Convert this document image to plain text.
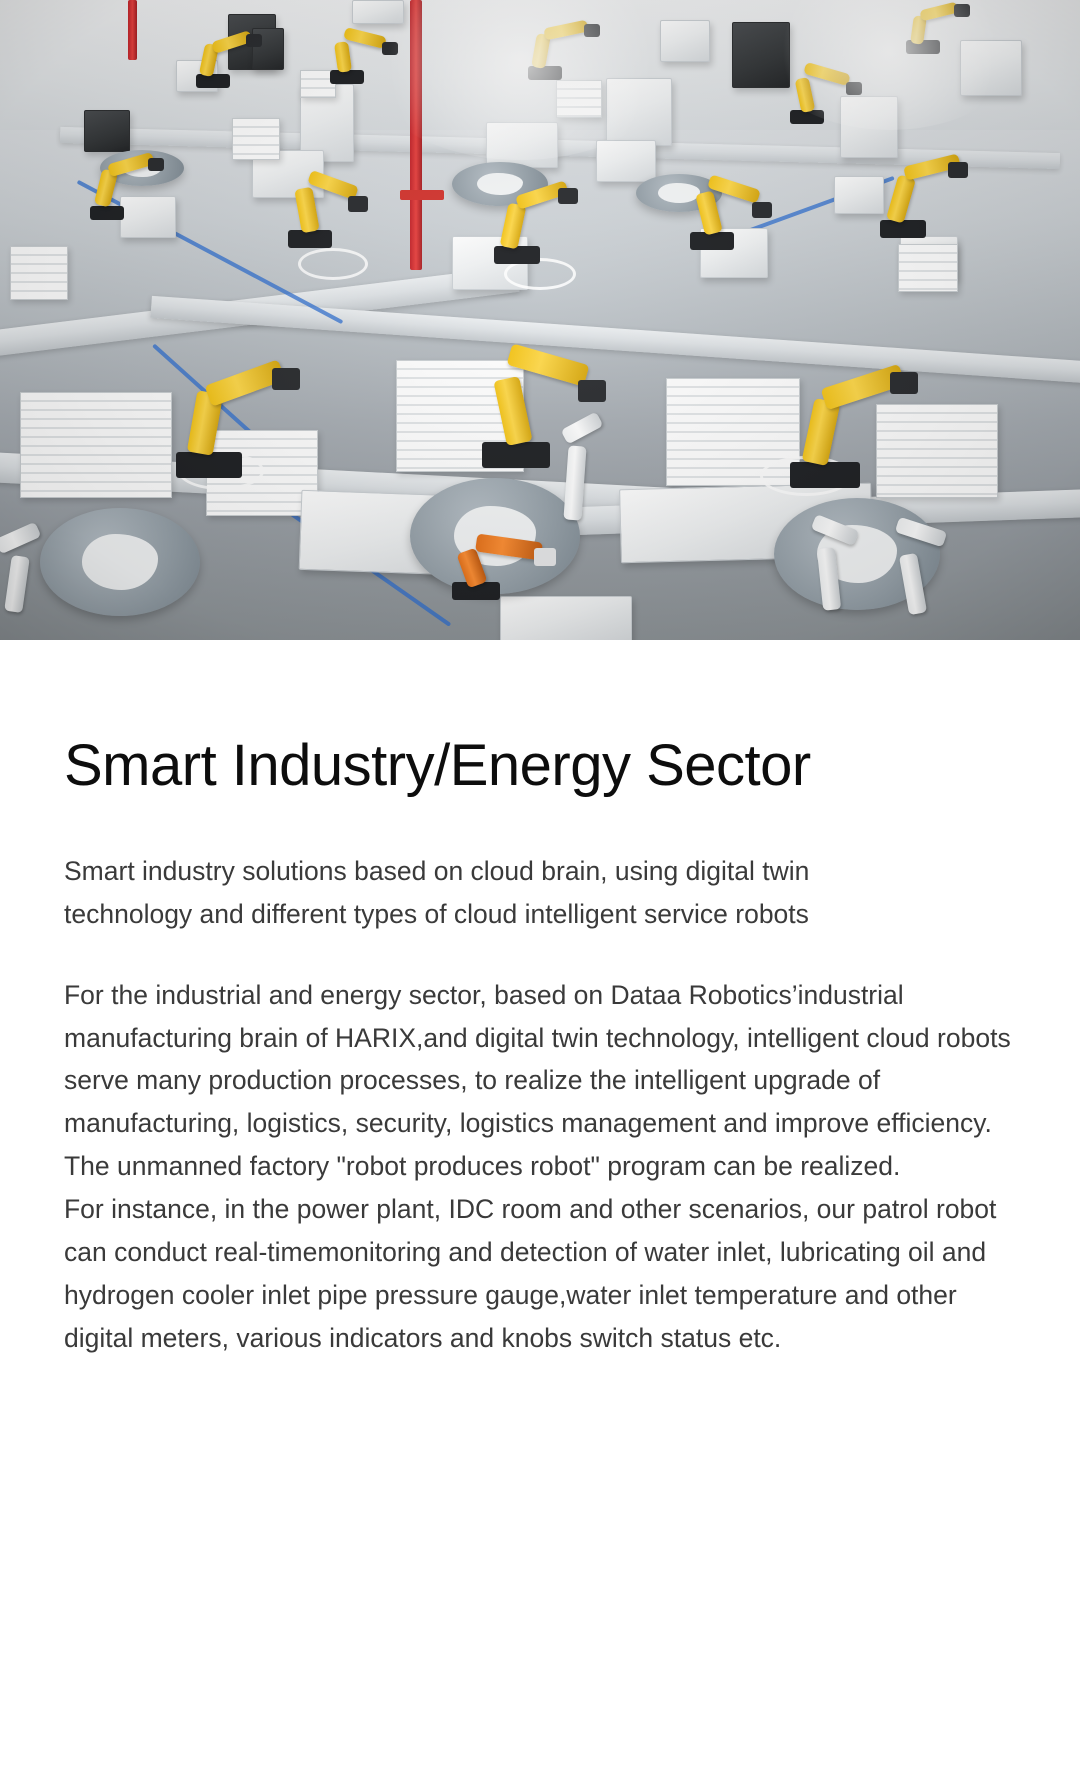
Smart Industry/Energy Sector

Smart industry solutions based on cloud brain, using digital twin technology and different types of cloud intelligent service robots

For the industrial and energy sector, based on Dataa Robotics’industrial manufacturing brain of HARIX,and digital twin technology, intelligent cloud robots serve many production processes, to realize the intelligent upgrade of manufacturing, logistics, security, logistics management and improve efficiency.

The unmanned factory "robot produces robot" program can be realized.

For instance, in the power plant, IDC room and other scenarios, our patrol robot can conduct real-timemonitoring and detection of water inlet, lubricating oil and hydrogen cooler inlet pipe pressure gauge,water inlet temperature and other digital meters, various indicators and knobs switch status etc.
